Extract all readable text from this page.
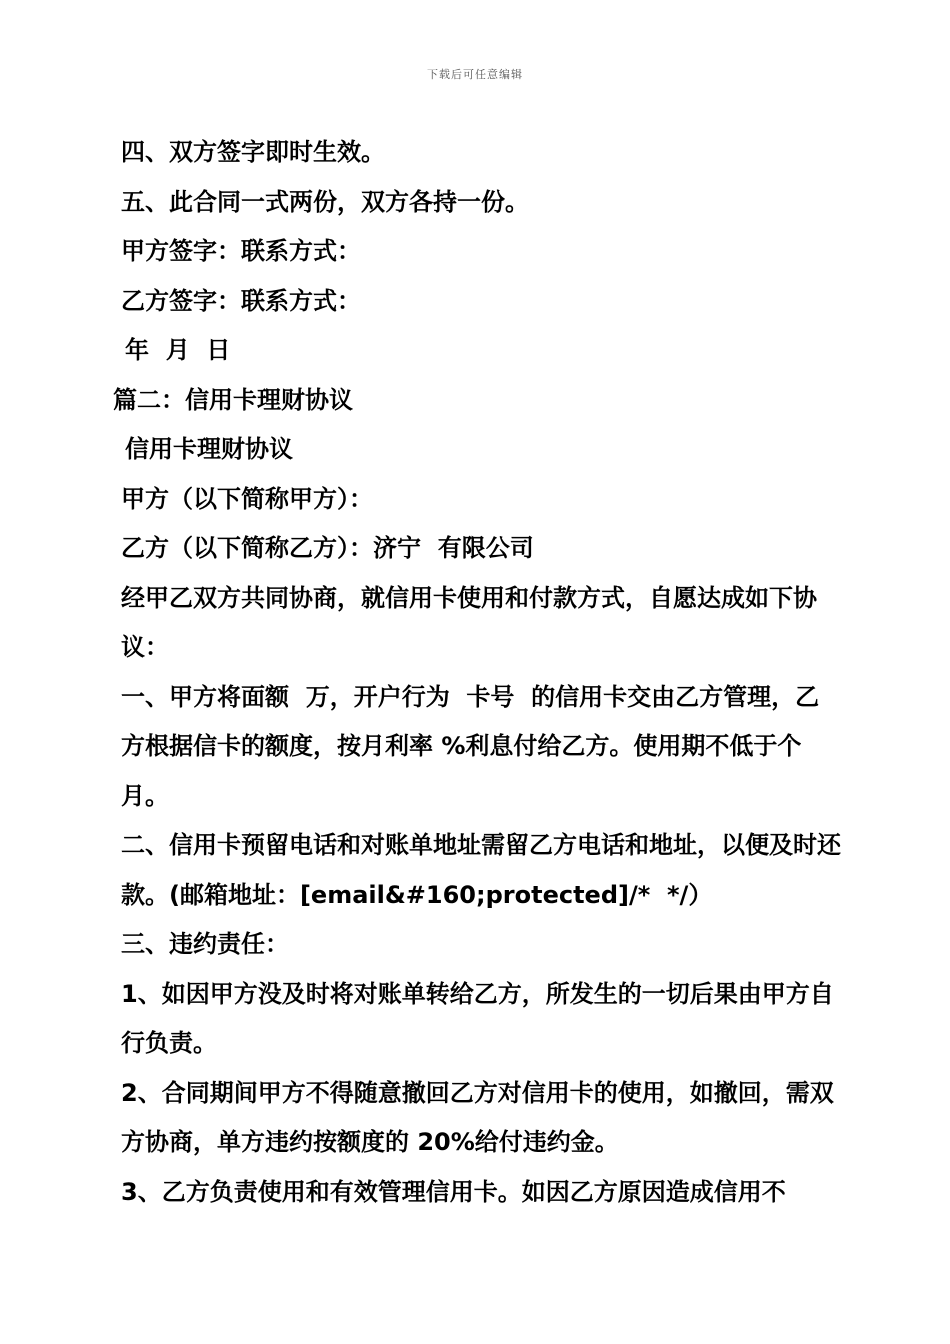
下载后可任意编辑

四、双方签字即时生效。

五、此合同一式两份，双方各持一份。

甲方签字：联系方式：

乙方签字：联系方式：

年  月  日

篇二：信用卡理财协议

信用卡理财协议

甲方（以下简称甲方）：

乙方（以下简称乙方）：济宁  有限公司

经甲乙双方共同协商，就信用卡使用和付款方式，自愿达成如下协议：

一、甲方将面额  万，开户行为  卡号  的信用卡交由乙方管理，乙方根据信卡的额度，按月利率 %利息付给乙方。使用期不低于个月。

二、信用卡预留电话和对账单地址需留乙方电话和地址，以便及时还款。(邮箱地址：[email&#160;protected]/*  */）

三、违约责任：

1、如因甲方没及时将对账单转给乙方，所发生的一切后果由甲方自行负责。

2、合同期间甲方不得随意撤回乙方对信用卡的使用，如撤回，需双方协商，单方违约按额度的 20%给付违约金。

3、乙方负责使用和有效管理信用卡。如因乙方原因造成信用不
